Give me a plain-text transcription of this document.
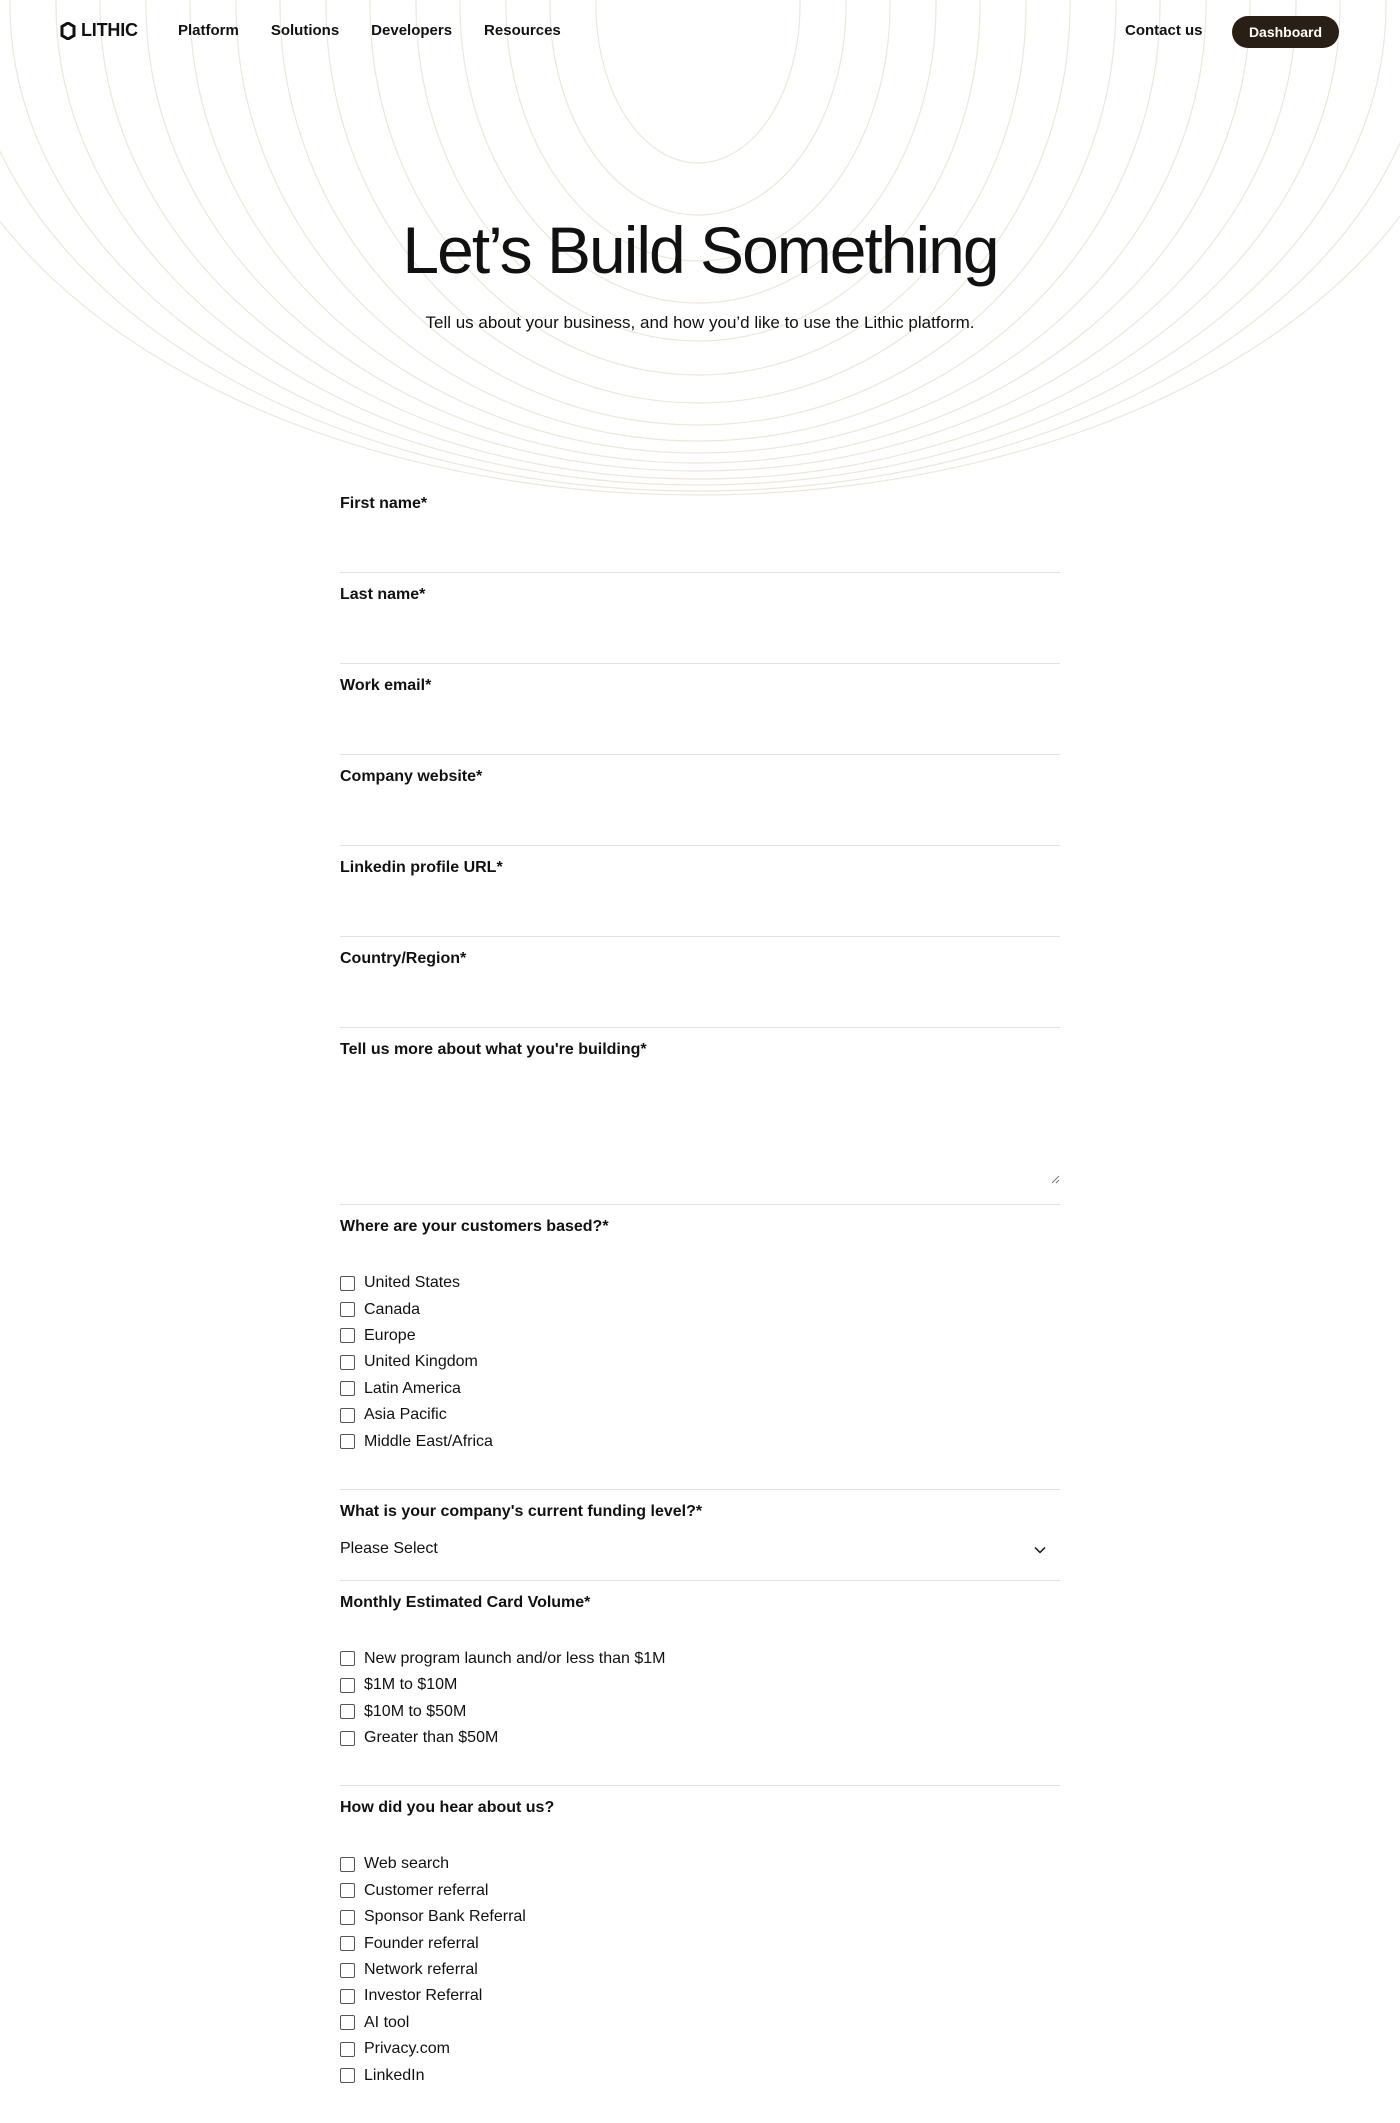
LITHIC	Platform Solutions Developers Resources	Contact us	Dashboard
Let’s Build Something
Tell us about your business, and how you’d like to use the Lithic platform.
First name*
Last name*
Work email*
Company website*
Linkedin profile URL*
Country/Region*
Tell us more about what you're building*
Where are your customers based?*
United States
Canada
Europe
United Kingdom
Latin America
Asia Pacific
Middle East/Africa
What is your company's current funding level?*
Please Select
Monthly Estimated Card Volume*
New program launch and/or less than $1M
$1M to $10M
$10M to $50M
Greater than $50M
How did you hear about us?
Web search
Customer referral
Sponsor Bank Referral
Founder referral
Network referral
Investor Referral
AI tool
Privacy.com
LinkedIn
